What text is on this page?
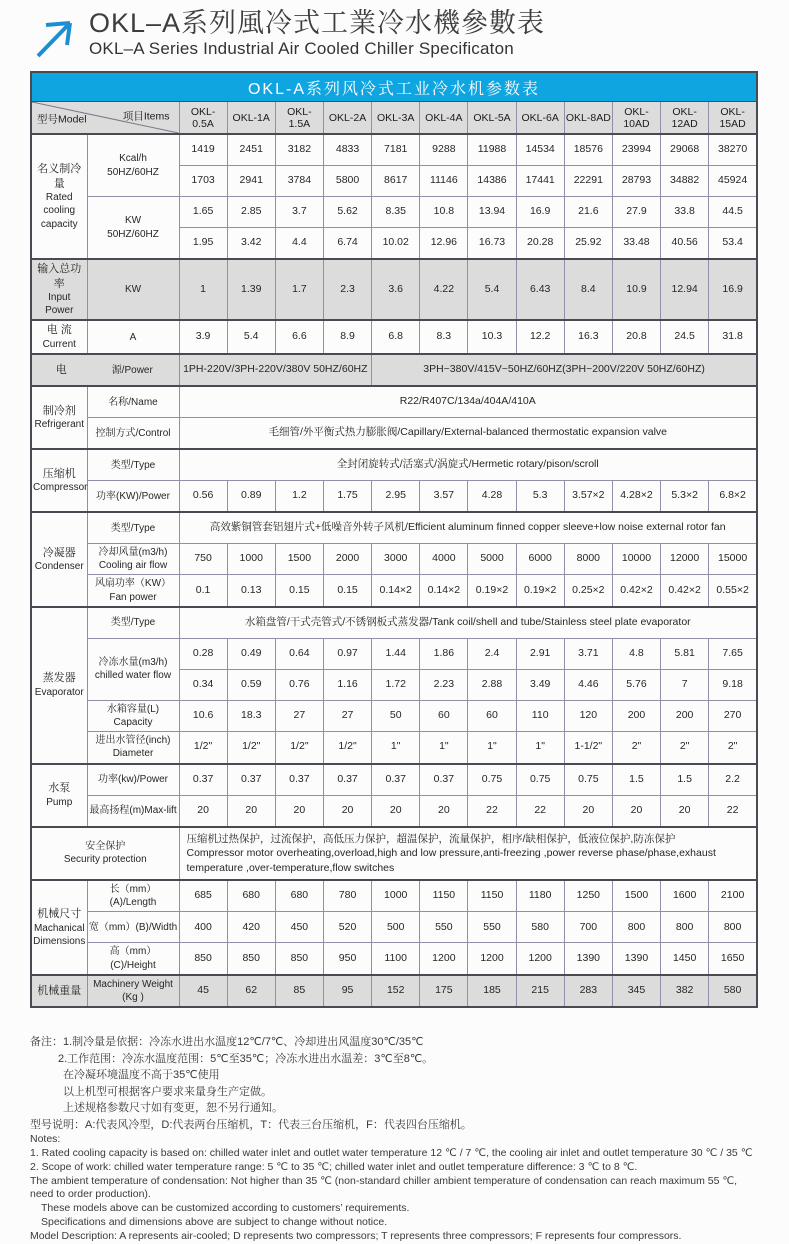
OKL–A系列風冷式工業冷水機參數表
OKL–A Series Industrial Air Cooled Chiller Specificaton
OKL-A系列风冷式工业冷水机参数表													

型号Model 项目Items		OKL-0.5A	OKL-1A	OKL-1.5A	OKL-2A	OKL-3A	OKL-4A	OKL-5A	OKL-6A	OKL-8AD	OKL-10AD	OKL-12AD	OKL-15AD

名义制冷量
Rated cooling capacity

Kcal/h
50HZ/60HZ
	1419	2451	3182	4833	7181	9288	11988	14534	18576	23994	29068	38270
		1703	2941	3784	5800	8617	11146	14386	17441	22291	28793	34882	45924

	KW
50HZ/60HZ	1.65	2.85	3.7	5.62	8.35	10.8	13.94	16.9	21.6	27.9	33.8	44.5
		1.95	3.42	4.4	6.74	10.02	12.96	16.73	20.28	25.92	33.48	40.56	53.4

输入总功率
Input Power	KW	1	1.39	1.7	2.3	3.6	4.22	5.4	6.43	8.4	10.9	12.94	16.9

电 流
Current	A	3.9	5.4	6.6	8.9	6.8	8.3	10.3	12.2	16.3	20.8	24.5	31.8
电 源/Power		1PH-220V/3PH-220V/380V 50HZ/60HZ				3PH~380V/415V~50HZ/60HZ(3PH~200V/220V 50HZ/60HZ)							

制冷剂
Refrigerant	名称/Name	R22/R407C/134a/404A/410A											

	控制方式/Control	毛细管/外平衡式热力膨胀阀/Capillary/External-balanced thermostatic expansion valve											

压缩机
Compressor	类型/Type	全封闭旋转式/活塞式/涡旋式/Hermetic rotary/pison/scroll											

	功率(KW)/Power	0.56	0.89	1.2	1.75	2.95	3.57	4.28	5.3	3.57×2	4.28×2	5.3×2	6.8×2

冷凝器
Condenser	类型/Type	高效紫铜管套铝翅片式+低噪音外转子风机/Efficient aluminum finned copper sleeve+low noise external rotor fan											

	冷却风量(m3/h)
Cooling air flow	750	1000	1500	2000	3000	4000	5000	6000	8000	10000	12000	15000

	风扇功率（KW）
Fan power	0.1	0.13	0.15	0.15	0.14×2	0.14×2	0.19×2	0.19×2	0.25×2	0.42×2	0.42×2	0.55×2

蒸发器
Evaporator	类型/Type	水箱盘管/干式壳管式/不锈钢板式蒸发器/Tank coil/shell and tube/Stainless steel plate evaporator											

	冷冻水量(m3/h)
chilled water flow	0.28	0.49	0.64	0.97	1.44	1.86	2.4	2.91	3.71	4.8	5.81	7.65
		0.34	0.59	0.76	1.16	1.72	2.23	2.88	3.49	4.46	5.76	7	9.18

	水箱容量(L)
Capacity	10.6	18.3	27	27	50	60	60	110	120	200	200	270

	进出水管径(inch)
Diameter	1/2"	1/2"	1/2"	1/2"	1"	1"	1"	1"	1-1/2"	2"	2"	2"

水泵
Pump	功率(kw)/Power	0.37	0.37	0.37	0.37	0.37	0.37	0.75	0.75	0.75	1.5	1.5	2.2

	最高扬程(m)Max-lift	20	20	20	20	20	20	22	22	20	20	20	22

安全保护
Security protection

压缩机过热保护，过流保护，高低压力保护，超温保护，流量保护，相序/缺相保护，低液位保护,防冻保护
Compressor motor overheating,overload,high and low pressure,anti-freezing ,power reverse phase/phase,exhaust temperature ,over-temperature,flow switches

机械尺寸
Machanical Dimensions	长（mm）(A)/Length	685	680	680	780	1000	1150	1150	1180	1250	1500	1600	2100

	宽（mm）(B)/Width	400	420	450	520	500	550	550	580	700	800	800	800

	高（mm）(C)/Height	850	850	850	950	1100	1200	1200	1200	1390	1390	1450	1650

机械重量	Machinery Weight
(Kg )	45	62	85	95	152	175	185	215	283	345	382	580
备注：1.制冷量是依据：冷冻水进出水温度12℃/7℃、冷却进出风温度30℃/35℃
2.工作范围：冷冻水温度范围：5℃至35℃；冷冻水进出水温差：3℃至8℃。
在冷凝环境温度不高于35℃使用
以上机型可根据客户要求来量身生产定做。
上述规格参数尺寸如有变更，恕不另行通知。
型号说明：A:代表风冷型，D:代表两台压缩机，T：代表三台压缩机，F：代表四台压缩机。
Notes:
1. Rated cooling capacity is based on: chilled water inlet and outlet water temperature 12 ℃ / 7 ℃, the cooling air inlet and outlet temperature 30 ℃ / 35 ℃
2. Scope of work: chilled water temperature range: 5 ℃ to 35 ℃; chilled water inlet and outlet temperature difference: 3 ℃ to 8 ℃.
The ambient temperature of condensation: Not higher than 35 ℃ (non-standard chiller ambient temperature of condensation can reach maximum 55 ℃, need to order production).
These models above can be customized according to customers’ requirements.
Specifications and dimensions above are subject to change without notice.
Model Description: A represents air-cooled; D represents two compressors; T represents three compressors; F represents four compressors.
